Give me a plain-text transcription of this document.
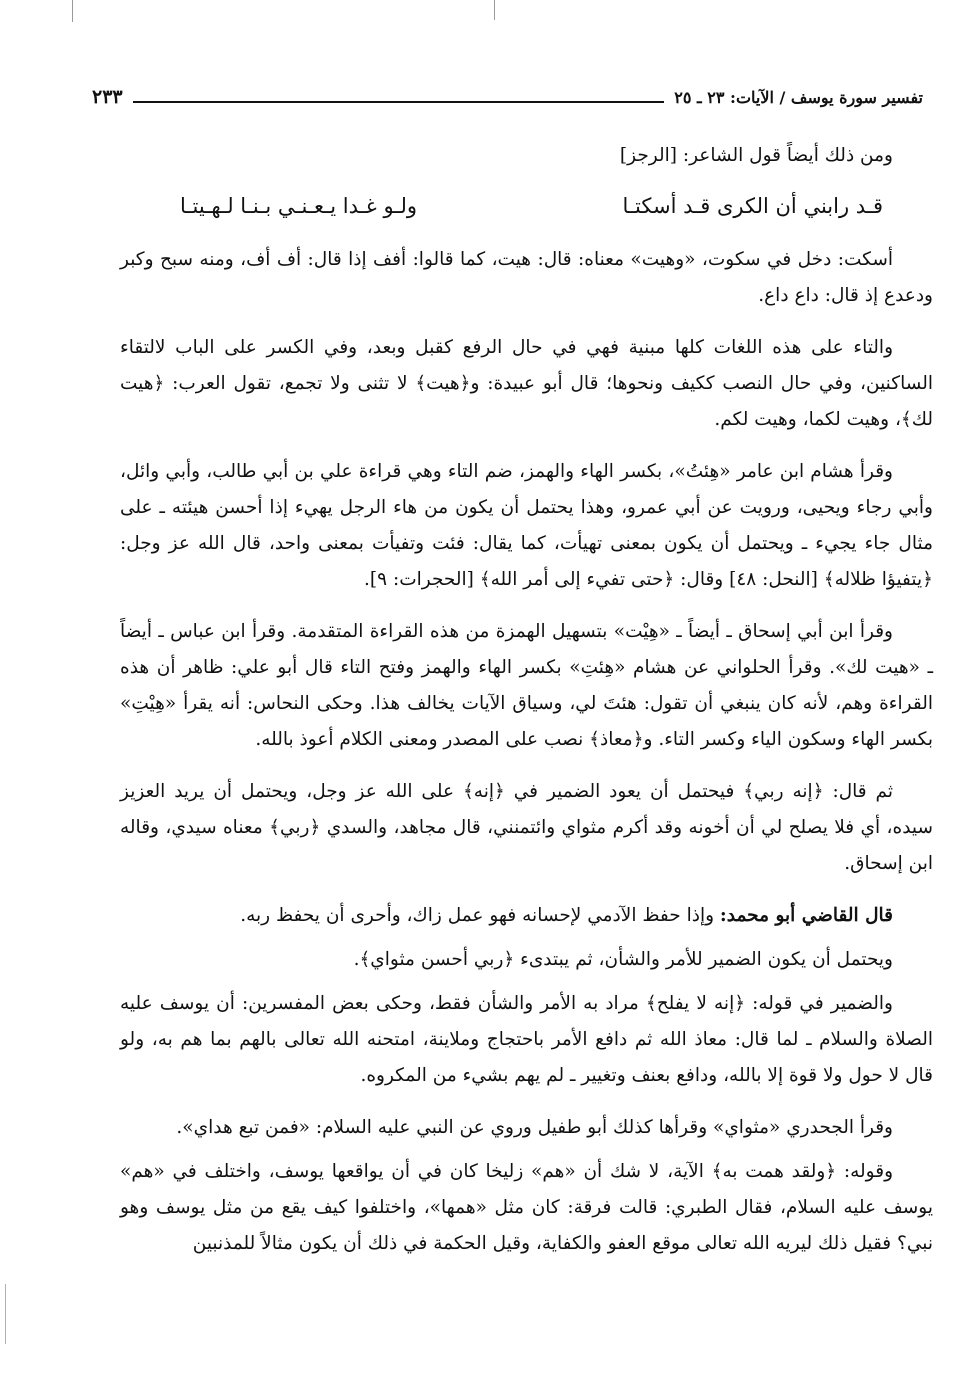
تفسير سورة يوسف / الآيات: ٢٣ ـ ٢٥
٢٣٣

ومن ذلك أيضاً قول الشاعر: [الرجز]

قـد رابني أن الكرى قـد أسكتـا
ولـو غـدا يـعـنـي بـنـا لـهـيتـا

أسكت: دخل في سكوت، «وهيت» معناه: قال: هيت، كما قالوا: أفف إذا قال: أف أف، ومنه سبح وكبر ودعدع إذ قال: داع داع.

والتاء على هذه اللغات كلها مبنية فهي في حال الرفع كقبل وبعد، وفي الكسر على الباب لالتقاء الساكنين، وفي حال النصب ككيف ونحوها؛ قال أبو عبيدة: و﴿هيت﴾ لا تثنى ولا تجمع، تقول العرب: ﴿هيت لك﴾، وهيت لكما، وهيت لكم.

وقرأ هشام ابن عامر «هِئتُ»، بكسر الهاء والهمز، ضم التاء وهي قراءة علي بن أبي طالب، وأبي وائل، وأبي رجاء ويحيى، ورويت عن أبي عمرو، وهذا يحتمل أن يكون من هاء الرجل يهيء إذا أحسن هيئته ـ على مثال جاء يجيء ـ ويحتمل أن يكون بمعنى تهيأت، كما يقال: فئت وتفيأت بمعنى واحد، قال الله عز وجل: ﴿يتفيؤا ظلاله﴾ [النحل: ٤٨] وقال: ﴿حتى تفيء إلى أمر الله﴾ [الحجرات: ٩].

وقرأ ابن أبي إسحاق ـ أيضاً ـ «هِيْت» بتسهيل الهمزة من هذه القراءة المتقدمة. وقرأ ابن عباس ـ أيضاً ـ «هيت لك». وقرأ الحلواني عن هشام «هِئتِ» بكسر الهاء والهمز وفتح التاء قال أبو علي: ظاهر أن هذه القراءة وهم، لأنه كان ينبغي أن تقول: هئتَ لي، وسياق الآيات يخالف هذا. وحكى النحاس: أنه يقرأ «هِيْتِ» بكسر الهاء وسكون الياء وكسر التاء. و﴿معاذ﴾ نصب على المصدر ومعنى الكلام أعوذ بالله.

ثم قال: ﴿إنه ربي﴾ فيحتمل أن يعود الضمير في ﴿إنه﴾ على الله عز وجل، ويحتمل أن يريد العزيز سيده، أي فلا يصلح لي أن أخونه وقد أكرم مثواي وائتمنني، قال مجاهد، والسدي ﴿ربي﴾ معناه سيدي، وقاله ابن إسحاق.

قال القاضي أبو محمد: وإذا حفظ الآدمي لإحسانه فهو عمل زاك، وأحرى أن يحفظ ربه.

ويحتمل أن يكون الضمير للأمر والشأن، ثم يبتدىء ﴿ربي أحسن مثواي﴾.

والضمير في قوله: ﴿إنه لا يفلح﴾ مراد به الأمر والشأن فقط، وحكى بعض المفسرين: أن يوسف عليه الصلاة والسلام ـ لما قال: معاذ الله ثم دافع الأمر باحتجاج وملاينة، امتحنه الله تعالى بالهم بما هم به، ولو قال لا حول ولا قوة إلا بالله، ودافع بعنف وتغيير ـ لم يهم بشيء من المكروه.

وقرأ الجحدري «مثواي» وقرأها كذلك أبو طفيل وروي عن النبي عليه السلام: «فمن تبع هداي».

وقوله: ﴿ولقد همت به﴾ الآية، لا شك أن «هم» زليخا كان في أن يواقعها يوسف، واختلف في «هم» يوسف عليه السلام، فقال الطبري: قالت فرقة: كان مثل «همها»، واختلفوا كيف يقع من مثل يوسف وهو نبي؟ فقيل ذلك ليريه الله تعالى موقع العفو والكفاية، وقيل الحكمة في ذلك أن يكون مثالاً للمذنبين
